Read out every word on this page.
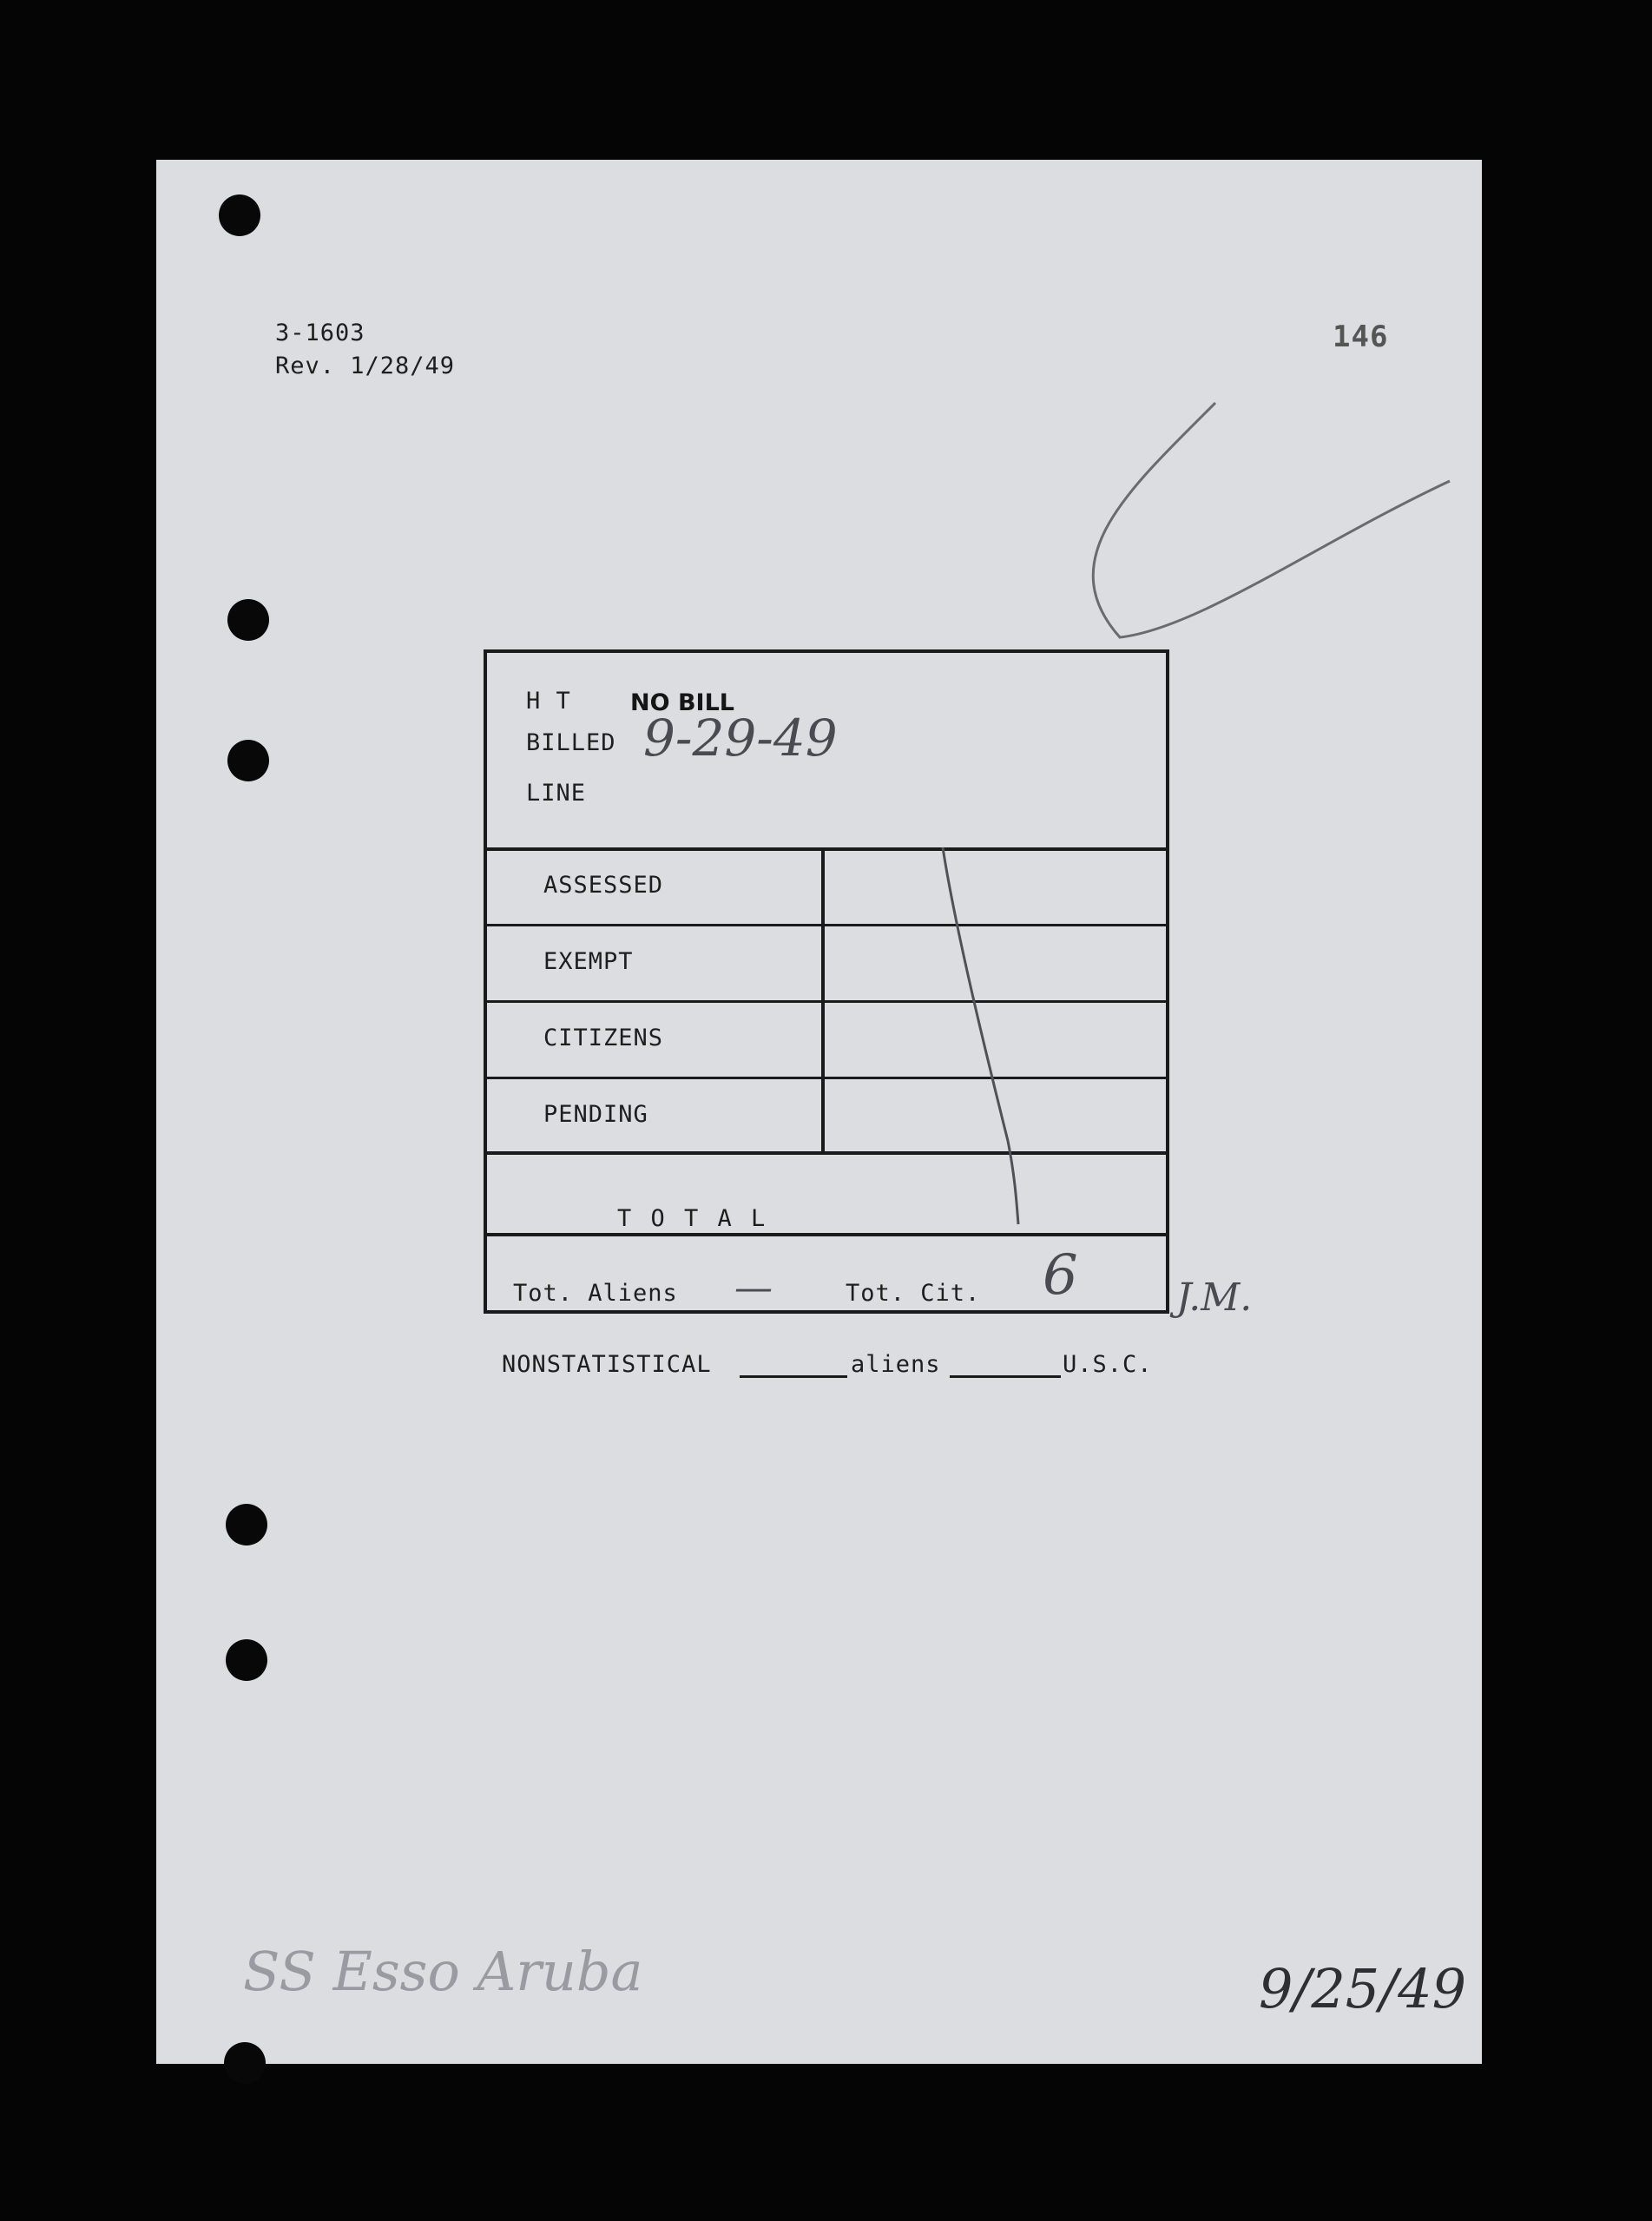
3-1603
Rev. 1/28/49
146
H T	NO BILL
BILLED 9-29-49
LINE
ASSESSED
EXEMPT
CITIZENS
PENDING
T O T A L
Tot. Aliens —	Tot. Cit. 6	J.M.
NONSTATISTICAL	aliens	U.S.C.
SS Esso Aruba	9/25/49
